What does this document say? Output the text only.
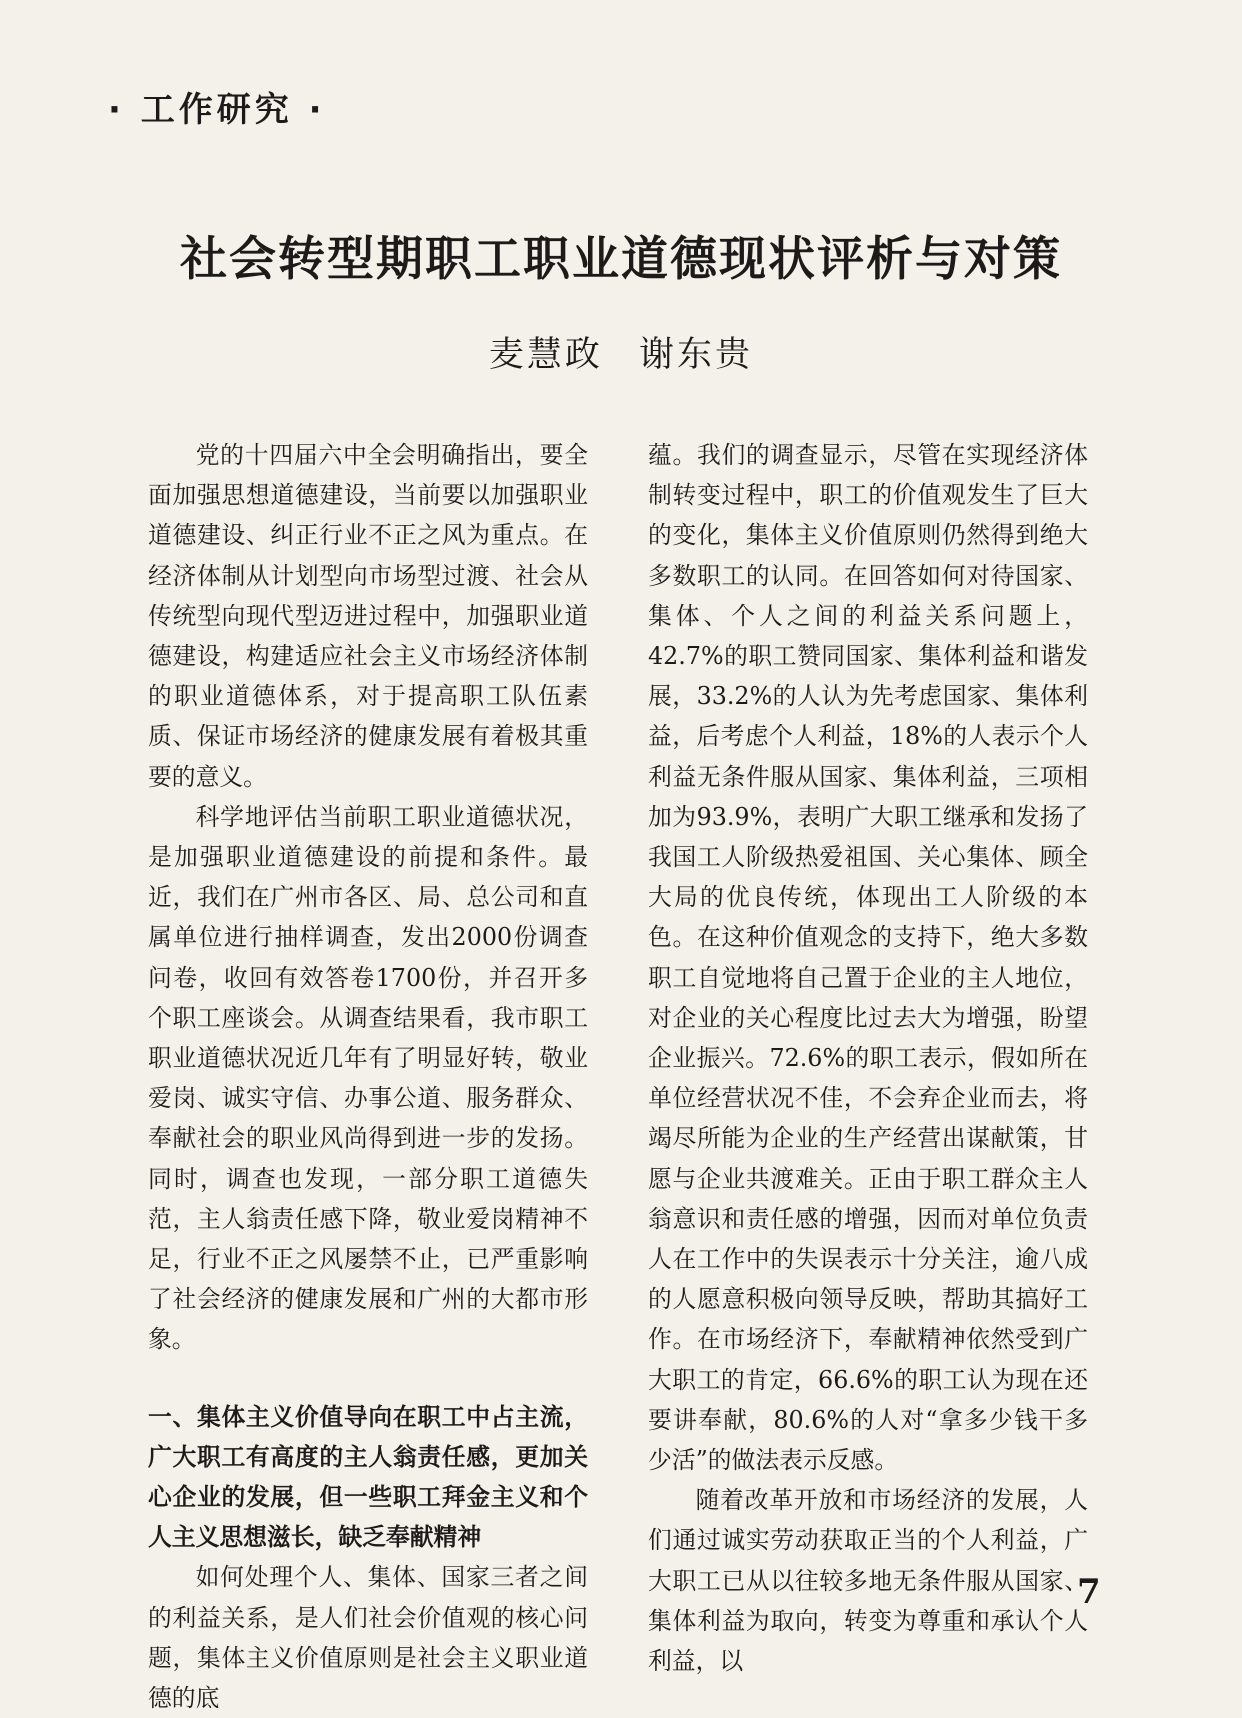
· 工作研究 ·
社会转型期职工职业道德现状评析与对策
麦慧政 谢东贵

党的十四届六中全会明确指出，要全面加强思想道德建设，当前要以加强职业道德建设、纠正行业不正之风为重点。在经济体制从计划型向市场型过渡、社会从传统型向现代型迈进过程中，加强职业道德建设，构建适应社会主义市场经济体制的职业道德体系，对于提高职工队伍素质、保证市场经济的健康发展有着极其重要的意义。

科学地评估当前职工职业道德状况，是加强职业道德建设的前提和条件。最近，我们在广州市各区、局、总公司和直属单位进行抽样调查，发出2000份调查问卷，收回有效答卷1700份，并召开多个职工座谈会。从调查结果看，我市职工职业道德状况近几年有了明显好转，敬业爱岗、诚实守信、办事公道、服务群众、奉献社会的职业风尚得到进一步的发扬。同时，调查也发现，一部分职工道德失范，主人翁责任感下降，敬业爱岗精神不足，行业不正之风屡禁不止，已严重影响了社会经济的健康发展和广州的大都市形象。

一、集体主义价值导向在职工中占主流，广大职工有高度的主人翁责任感，更加关心企业的发展，但一些职工拜金主义和个人主义思想滋长，缺乏奉献精神

如何处理个人、集体、国家三者之间的利益关系，是人们社会价值观的核心问题，集体主义价值原则是社会主义职业道德的底

蕴。我们的调查显示，尽管在实现经济体制转变过程中，职工的价值观发生了巨大的变化，集体主义价值原则仍然得到绝大多数职工的认同。在回答如何对待国家、集体、个人之间的利益关系问题上，42.7%的职工赞同国家、集体利益和谐发展，33.2%的人认为先考虑国家、集体利益，后考虑个人利益，18%的人表示个人利益无条件服从国家、集体利益，三项相加为93.9%，表明广大职工继承和发扬了我国工人阶级热爱祖国、关心集体、顾全大局的优良传统，体现出工人阶级的本色。在这种价值观念的支持下，绝大多数职工自觉地将自己置于企业的主人地位，对企业的关心程度比过去大为增强，盼望企业振兴。72.6%的职工表示，假如所在单位经营状况不佳，不会弃企业而去，将竭尽所能为企业的生产经营出谋献策，甘愿与企业共渡难关。正由于职工群众主人翁意识和责任感的增强，因而对单位负责人在工作中的失误表示十分关注，逾八成的人愿意积极向领导反映，帮助其搞好工作。在市场经济下，奉献精神依然受到广大职工的肯定，66.6%的职工认为现在还要讲奉献，80.6%的人对“拿多少钱干多少活”的做法表示反感。

随着改革开放和市场经济的发展，人们通过诚实劳动获取正当的个人利益，广大职工已从以往较多地无条件服从国家、集体利益为取向，转变为尊重和承认个人利益，以

7
